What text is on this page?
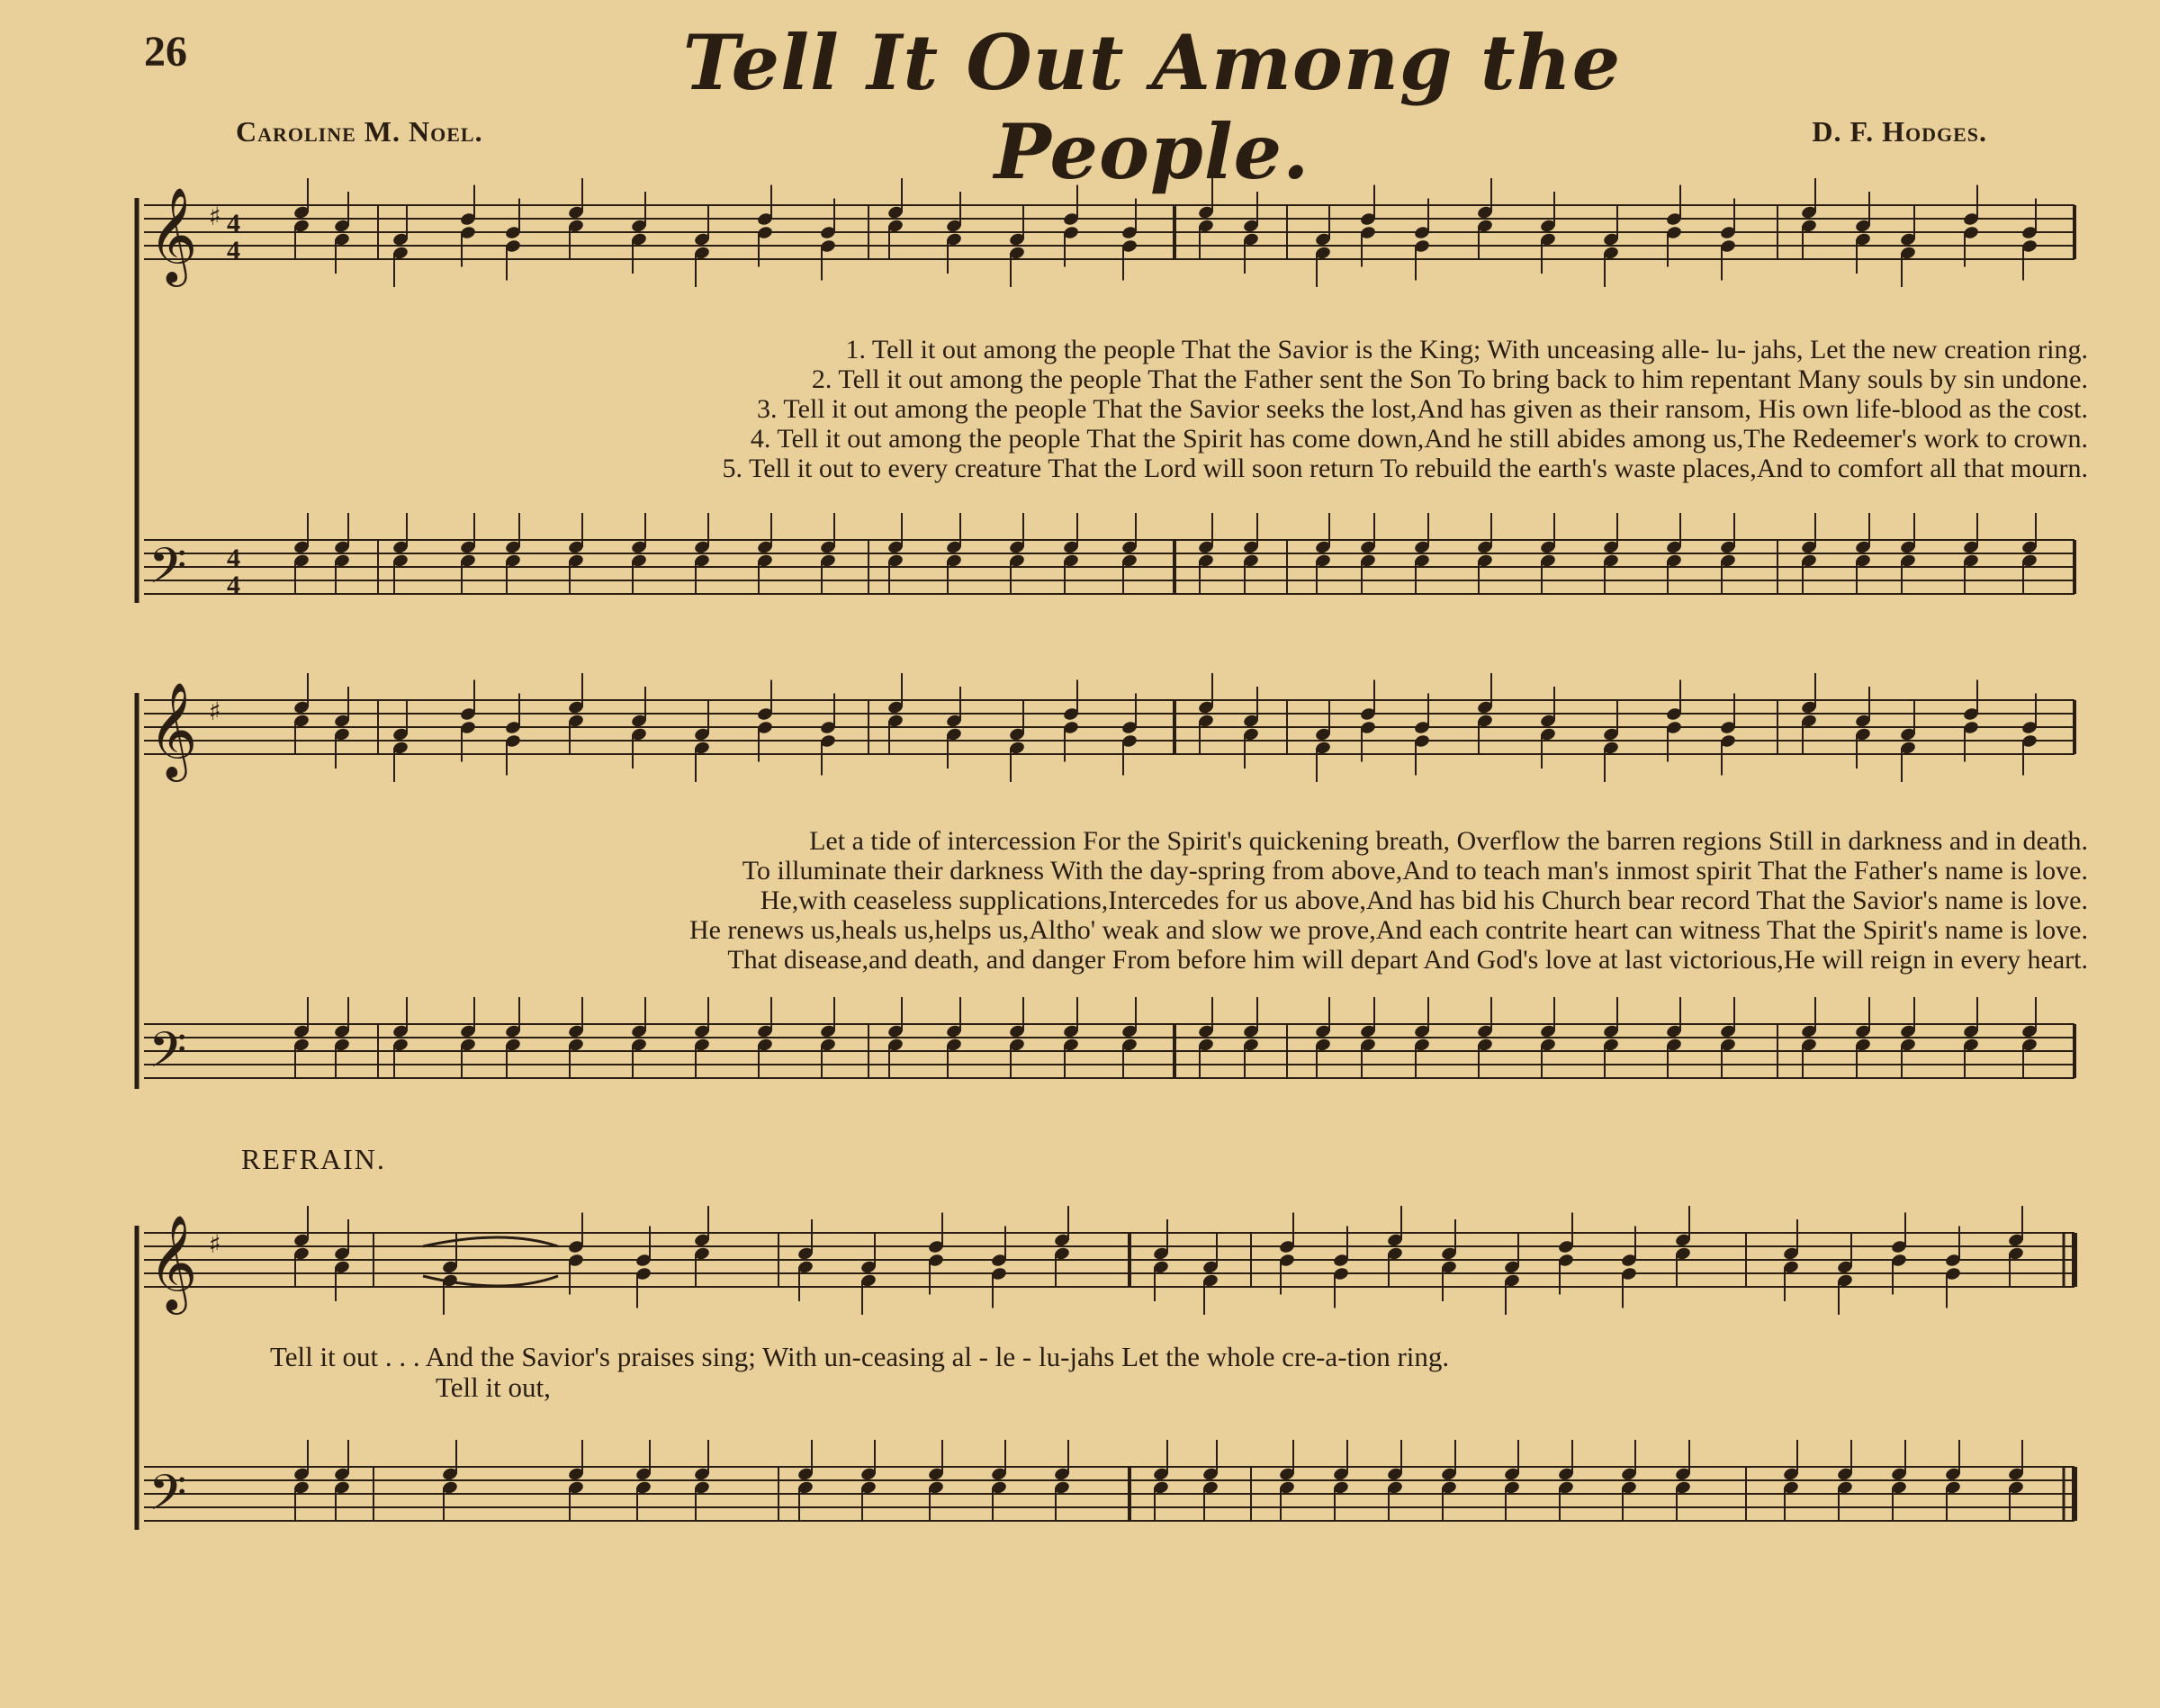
26	Tell It Out Among the People.
Caroline M. Noel.	D. F. Hodges.
𝄞
𝄢
4
4
4
4
♯
1. Tell it out among the people That the Savior is the King; With unceasing alle- lu- jahs, Let the new creation ring.
2. Tell it out among the people That the Father sent the Son To bring back to him repentant Many souls by sin undone.
3. Tell it out among the people That the Savior seeks the lost,And has given as their ransom, His own life-blood as the cost.
4. Tell it out among the people That the Spirit has come down,And he still abides among us,The Redeemer's work to crown.
5. Tell it out to every creature That the Lord will soon return To rebuild the earth's waste places,And to comfort all that mourn.
𝄞
𝄢
♯
Let a tide of intercession For the Spirit's quickening breath, Overflow the barren regions Still in darkness and in death.
To illuminate their darkness With the day-spring from above,And to teach man's inmost spirit That the Father's name is love.
He,with ceaseless supplications,Intercedes for us above,And has bid his Church bear record That the Savior's name is love.
He renews us,heals us,helps us,Altho' weak and slow we prove,And each contrite heart can witness That the Spirit's name is love.
That disease,and death, and danger From before him will depart And God's love at last victorious,He will reign in every heart.
REFRAIN.
𝄞
𝄢
♯
Tell it out . . . And the Savior's praises sing; With un-ceasing al - le - lu-jahs Let the whole cre-a-tion ring.
Tell it out,
